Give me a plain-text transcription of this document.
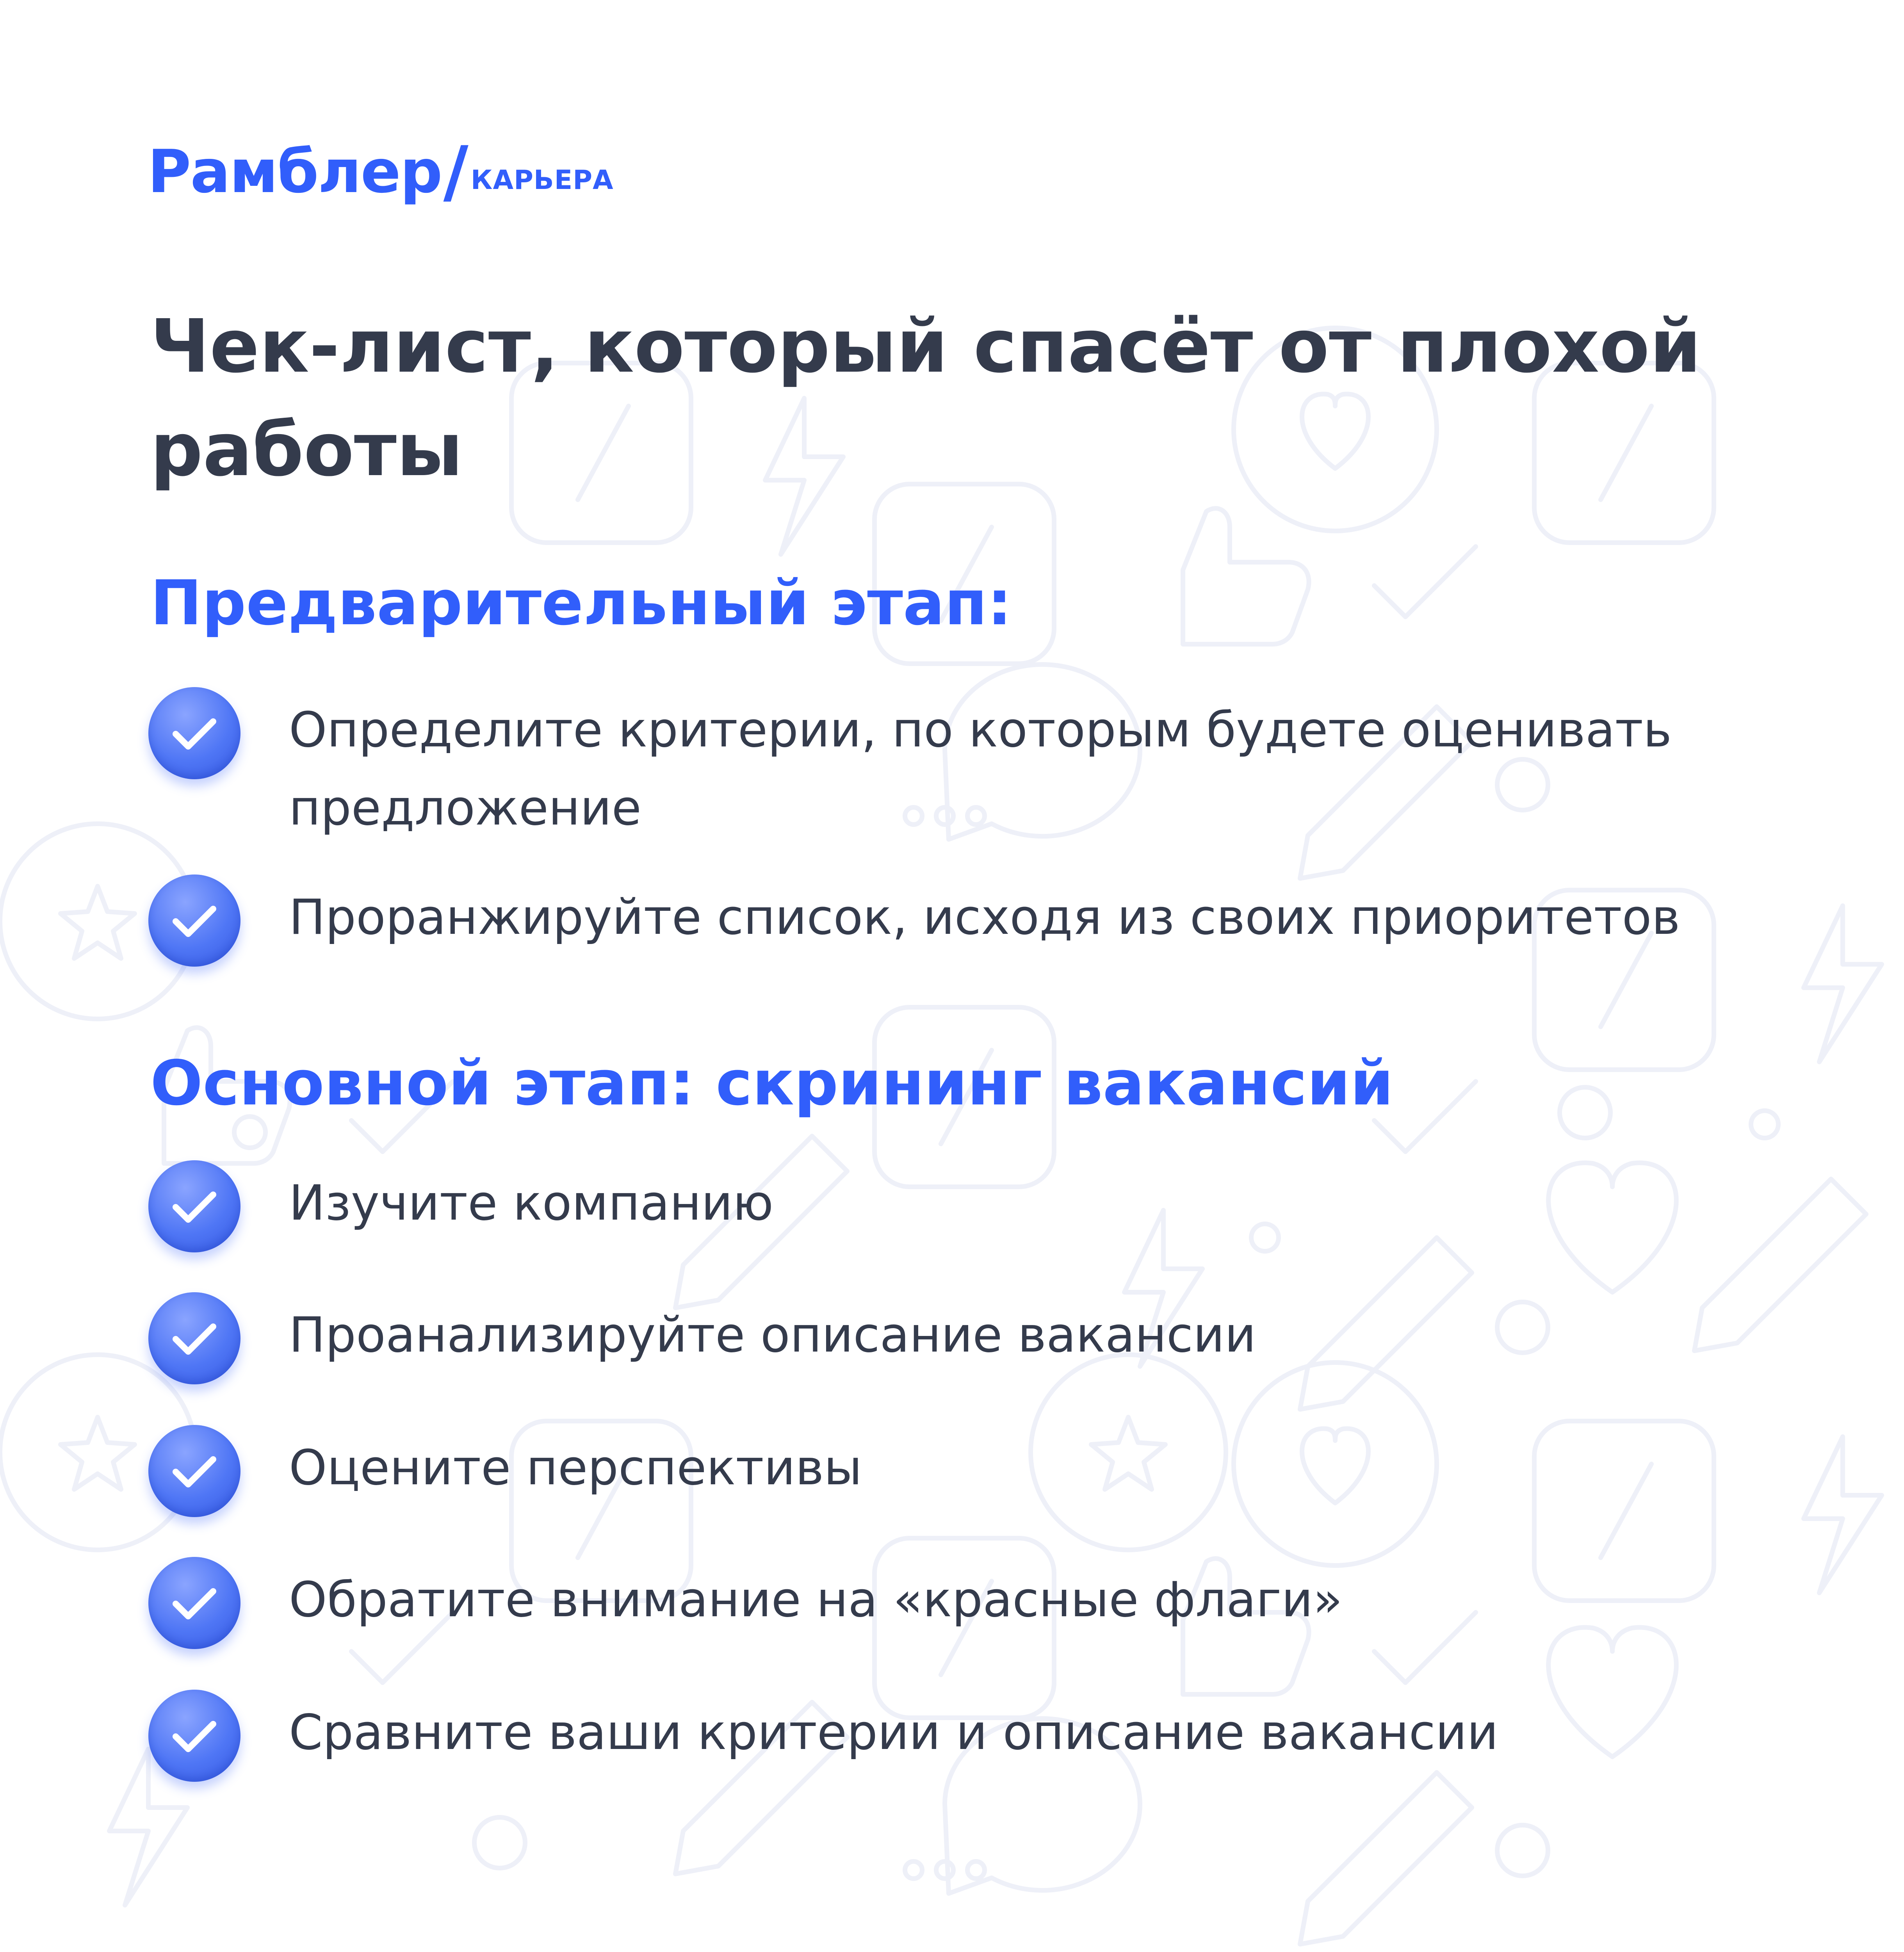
Рамблер / КАРЬЕРА
Чек-лист, который спасёт от плохой работы
Предварительный этап:

Определите критерии, по которым будете оценивать предложение

Проранжируйте список, исходя из своих приоритетов

Основной этап: скрининг вакансий

Изучите компанию

Проанализируйте описание вакансии

Оцените перспективы

Обратите внимание на «красные флаги»

Сравните ваши критерии и описание вакансии
